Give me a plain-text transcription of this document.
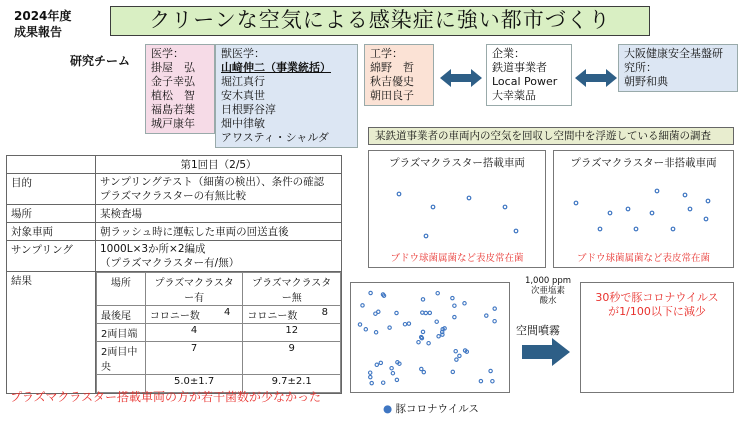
2024年度
成果報告	クリーンな空気による感染症に強い都市づくり
研究チーム
医学：
掛屋　弘
金子幸弘
植松　智
福島若葉
城戸康年
獣医学：
山﨑伸二（事業統括）
堀江真行
安木真世
日根野谷淳
畑中律敏
アワスティ・シャルダ
工学：
綿野　哲
秋吉優史
朝田良子
企業：
鉄道事業者
Local Power
大幸薬品
大阪健康安全基盤研
究所：
朝野和典
	第1回目（2/5）
目的	サンプリングテスト（細菌の検出）、条件の確認
プラズマクラスターの有無比較
場所	某検査場
対象車両	朝ラッシュ時に運転した車両の回送直後
サンプリング	1000L×3か所×2編成
（プラズマクラスター有/無）
結果		場所	プラズマクラスター有	プラズマクラスター無
最後尾	コロニー数 4	コロニー数 8

2両目端	4	12
2両目中央	7	9
	5.0±1.7	9.7±2.1
プラズマクラスター搭載車両の方が若干菌数が少なかった
某鉄道事業者の車両内の空気を回収し空間中を浮遊している細菌の調査
プラズマクラスター搭載車両
ブドウ球菌属菌など表皮常在菌
プラズマクラスター非搭載車両
ブドウ球菌属菌など表皮常在菌
● 豚コロナウイルス
1,000 ppm
次亜塩素
酸水
空間噴霧
30秒で豚コロナウイルス
が1/100以下に減少
